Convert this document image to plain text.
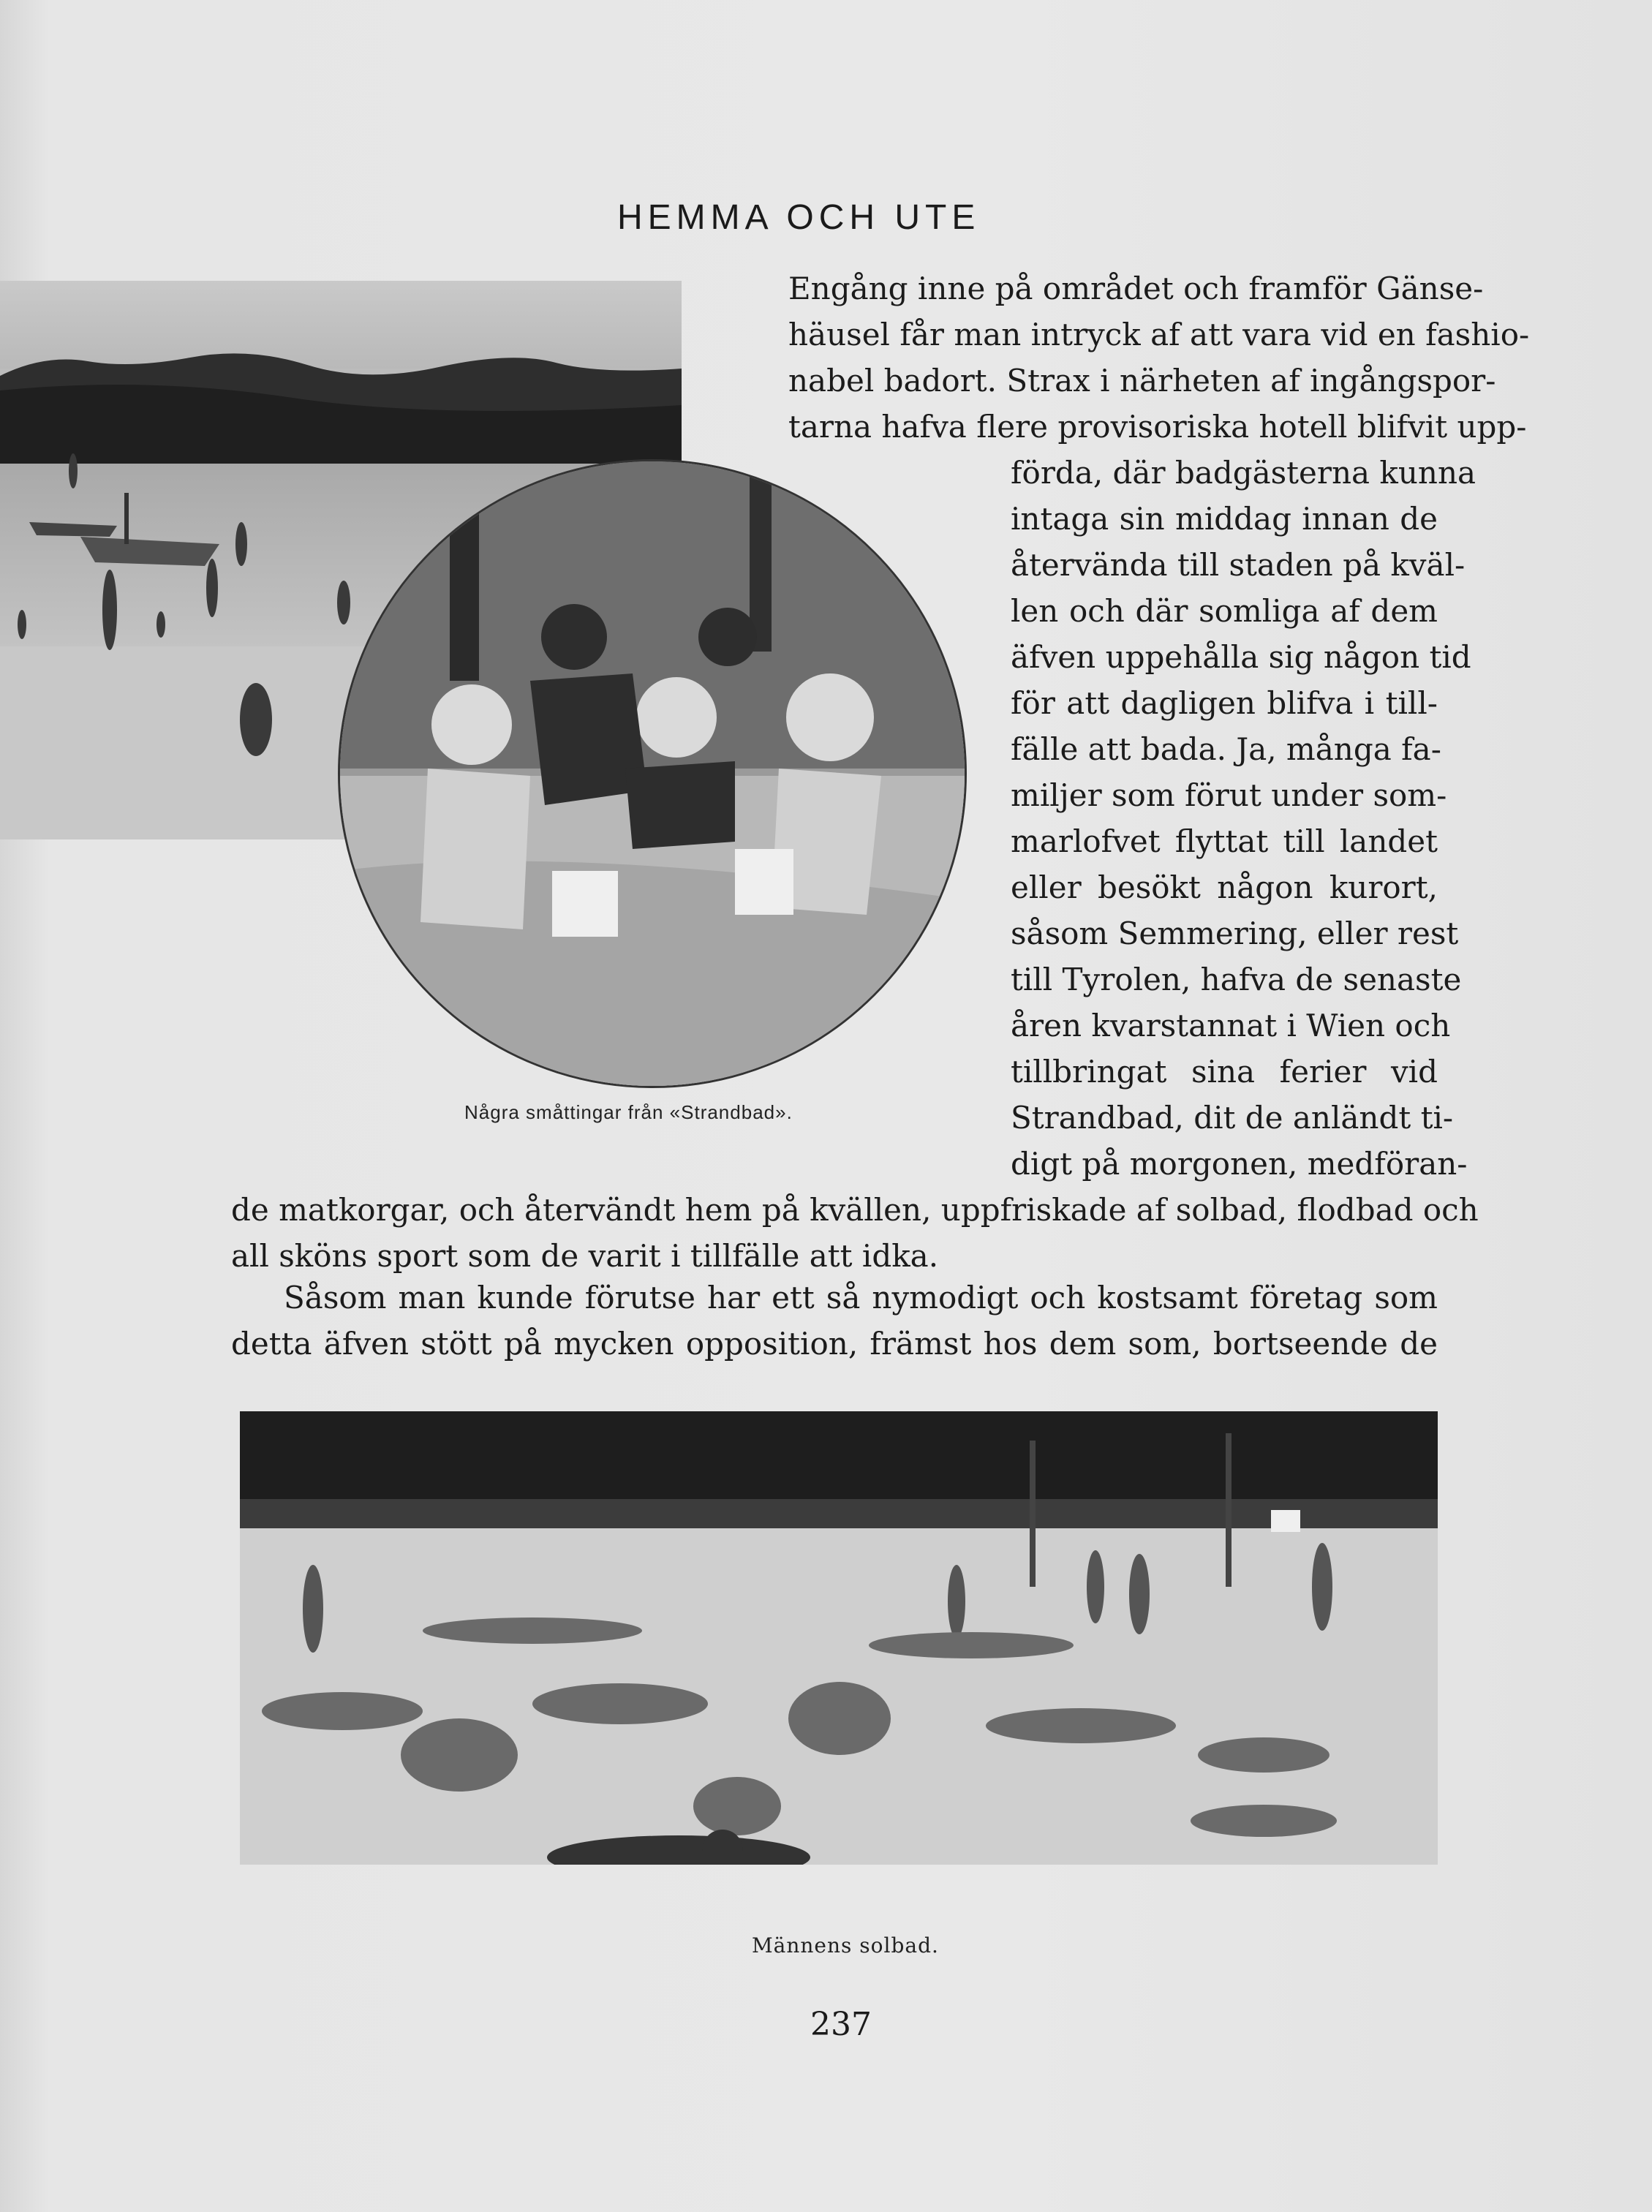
HEMMA OCH UTE
Några småttingar från «Strandbad».
Engång inne på området och framför Gänse-
häusel får man intryck af att vara vid en fashio-
nabel badort. Strax i närheten af ingångspor-
tarna hafva flere provisoriska hotell blifvit upp-
förda, där badgästerna kunna
intaga sin middag innan de
återvända till staden på kväl-
len och där somliga af dem
äfven uppehålla sig någon tid
för att dagligen blifva i till-
fälle att bada. Ja, många fa-
miljer som förut under som-
marlofvet flyttat till landet
eller besökt någon kurort,
såsom Semmering, eller rest
till Tyrolen, hafva de senaste
åren kvarstannat i Wien och
tillbringat sina ferier vid
Strandbad, dit de anländt ti-
digt på morgonen, medföran-
de matkorgar, och återvändt hem på kvällen, uppfriskade af solbad, flodbad och
all sköns sport som de varit i tillfälle att idka.
Såsom man kunde förutse har ett så nymodigt och kostsamt företag som
detta äfven stött på mycken opposition, främst hos dem som, bortseende de
Männens solbad.
237
